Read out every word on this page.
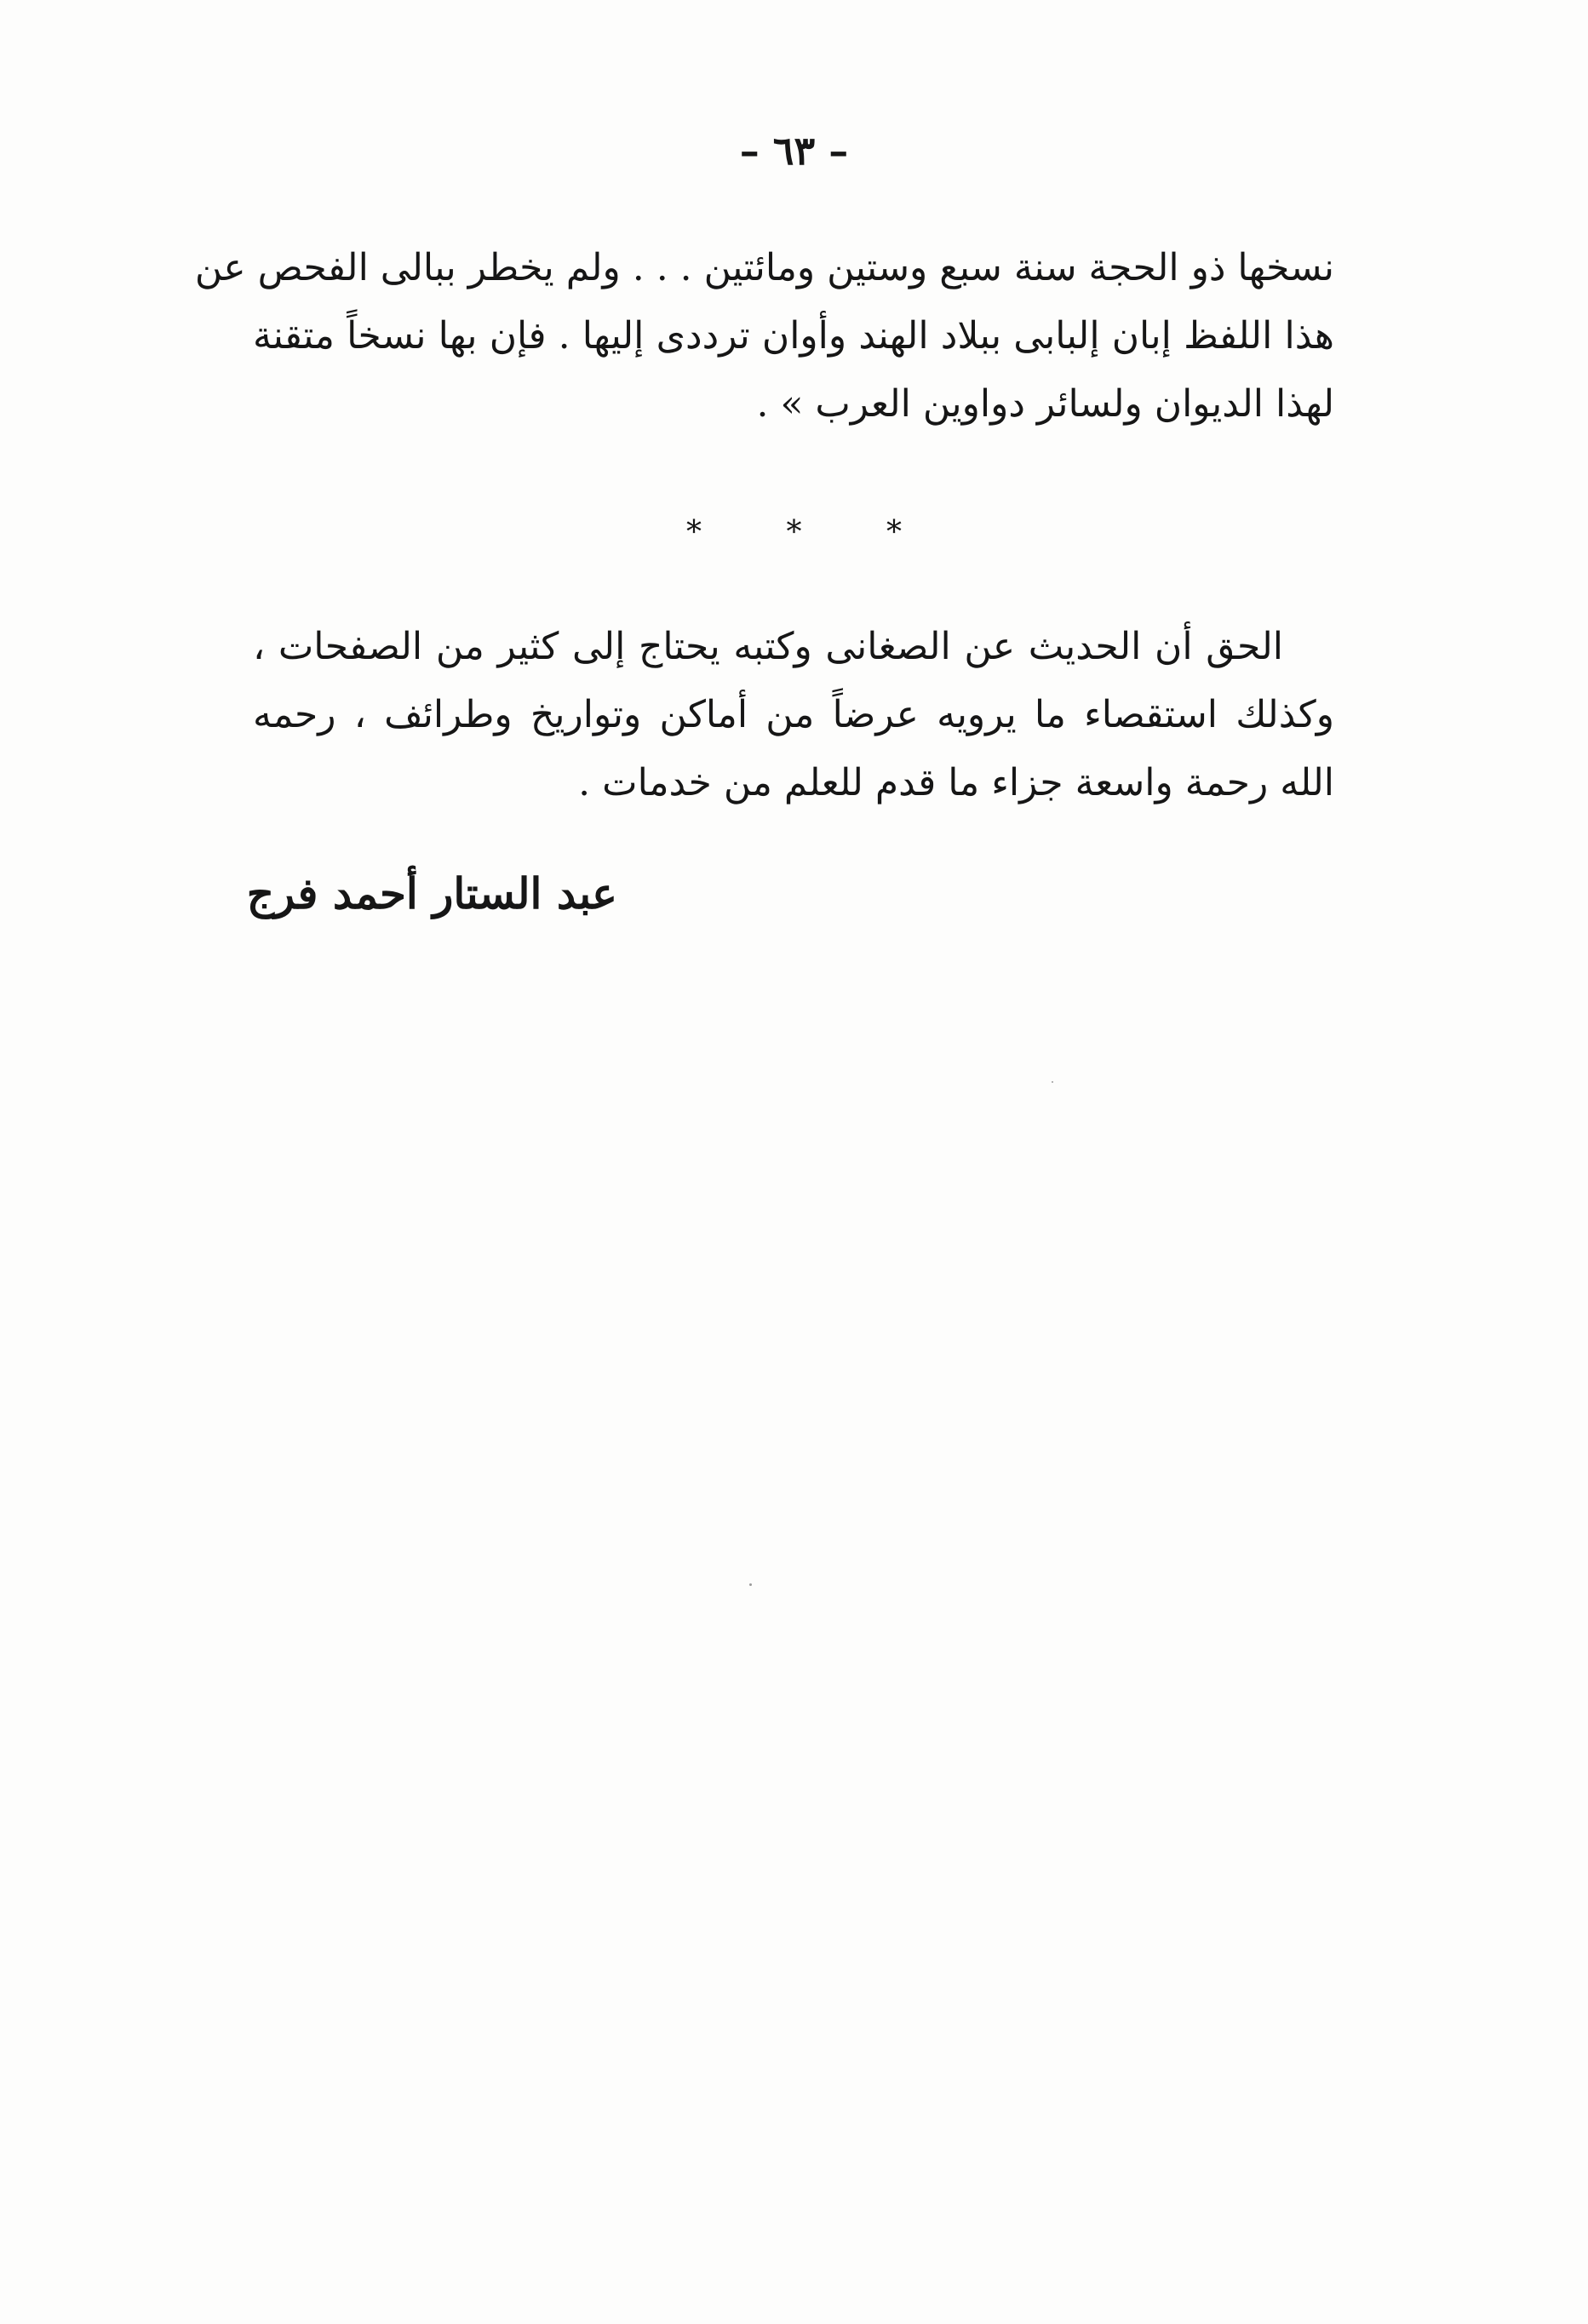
– ٦٣ –
نسخها ذو الحجة سنة سبع وستين ومائتين . . . ولم يخطر ببالى الفحص عن
هذا اللفظ إبان إلبابى ببلاد الهند وأوان ترددى إليها . فإن بها نسخاً متقنة
لهذا الديوان ولسائر دواوين العرب » .
* * *
الحق أن الحديث عن الصغانى وكتبه يحتاج إلى كثير من الصفحات ،
وكذلك استقصاء ما يرويه عرضاً من أماكن وتواريخ وطرائف ، رحمه
الله رحمة واسعة جزاء ما قدم للعلم من خدمات .
عبد الستار أحمد فرج
